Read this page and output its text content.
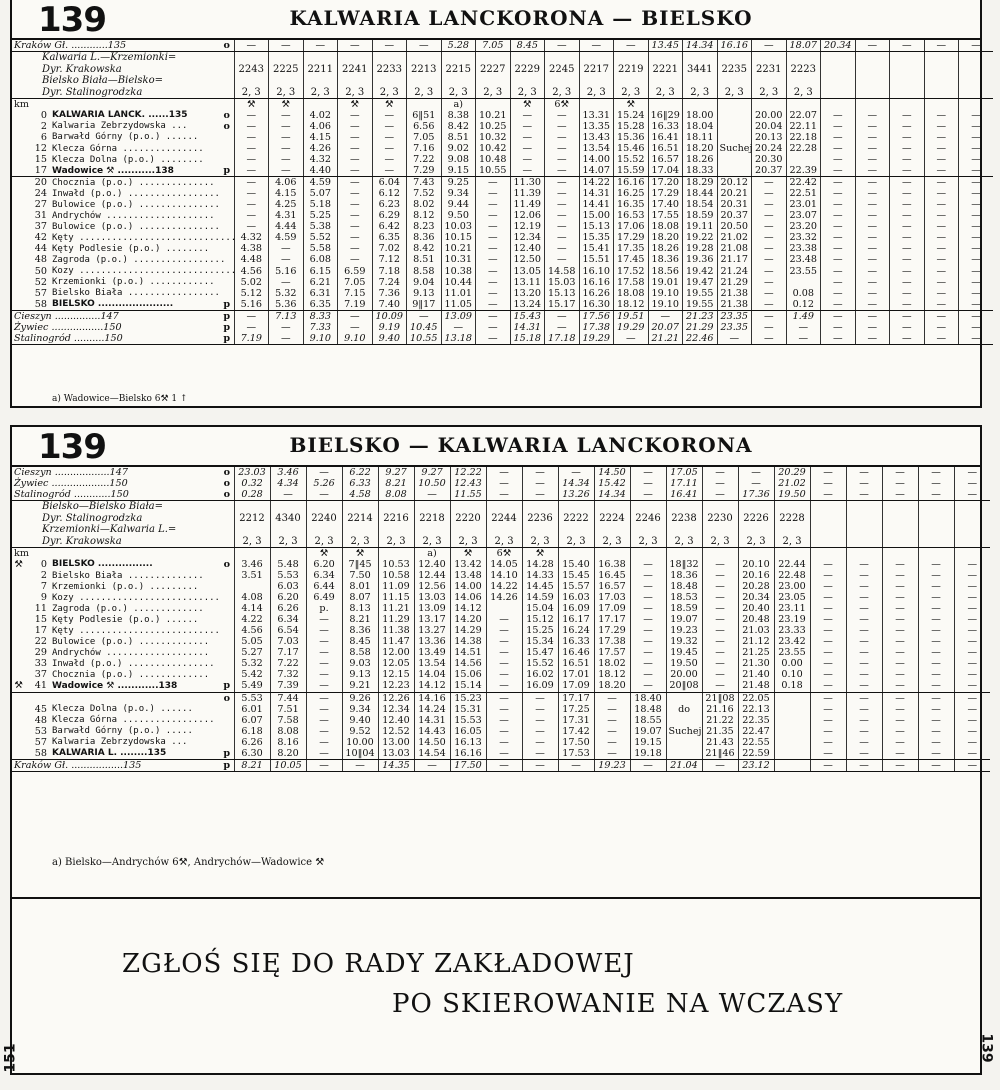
139	KALWARIA LANCKORONA — BIELSKO
Kraków Gł. ............135			o	—	—	—	—	—	—	5.28	7.05	8.45	—	—	—	13.45	14.34	16.16	—	18.07	20.34	—	—	—	—
Kalwaria L.—Krzemionki=																									
Dyr. Krakowska				2243	2225	2211	2241	2233	2213	2215	2227	2229	2245	2217	2219	2221	3441	2235	2231	2223					
Bielsko Biała—Bielsko=																									
Dyr. Stalinogrodzka				2, 3	2, 3	2, 3	2, 3	2, 3	2, 3	2, 3	2, 3	2, 3	2, 3	2, 3	2, 3	2, 3	2, 3	2, 3	2, 3	2, 3					
km				⚒	⚒		⚒	⚒		a)		⚒	6⚒		⚒										
	0	KALWARIA LANCK. ......135	o	—	—	4.02	—	—	6‖51	8.38	10.21	—	—	13.31	15.24	16‖29	18.00		20.00	22.07	—	—	—	—	—
	2	Kalwaria Zebrzydowska ...	o	—	—	4.06	—	—	6.56	8.42	10.25	—	—	13.35	15.28	16.33	18.04		20.04	22.11	—	—	—	—	—
	6	Barwałd Górny (p.o.) ......		—	—	4.15	—	—	7.05	8.51	10.32	—	—	13.43	15.36	16.41	18.11		20.13	22.18	—	—	—	—	—
	12	Klecza Górna ...............		—	—	4.26	—	—	7.16	9.02	10.42	—	—	13.54	15.46	16.51	18.20	Suchej	20.24	22.28	—	—	—	—	—
	15	Klecza Dolna (p.o.) ........		—	—	4.32	—	—	7.22	9.08	10.48	—	—	14.00	15.52	16.57	18.26		20.30		—	—	—	—	—
	17	Wadowice ⚒ ...........138	p	—	—	4.40	—	—	7.29	9.15	10.55	—	—	14.07	15.59	17.04	18.33		20.37	22.39	—	—	—	—	—
	20	Chocznia (p.o.) ..............		—	4.06	4.59	—	6.04	7.43	9.25	—	11.30	—	14.22	16.16	17.20	18.29	20.12	—	22.42	—	—	—	—	—
	24	Inwałd (p.o.) .................		—	4.15	5.07	—	6.12	7.52	9.34	—	11.39	—	14.31	16.25	17.29	18.44	20.21	—	22.51	—	—	—	—	—
	27	Bulowice (p.o.) ...............		—	4.25	5.18	—	6.23	8.02	9.44	—	11.49	—	14.41	16.35	17.40	18.54	20.31	—	23.01	—	—	—	—	—
	31	Andrychów ....................		—	4.31	5.25	—	6.29	8.12	9.50	—	12.06	—	15.00	16.53	17.55	18.59	20.37	—	23.07	—	—	—	—	—
	37	Bulowice (p.o.) ...............		—	4.44	5.38	—	6.42	8.23	10.03	—	12.19	—	15.13	17.06	18.08	19.11	20.50	—	23.20	—	—	—	—	—
	42	Kęty .............................		4.32	4.59	5.52	—	6.35	8.36	10.15	—	12.34	—	15.35	17.29	18.20	19.22	21.02	—	23.32	—	—	—	—	—
	44	Kęty Podlesie (p.o.) ........		4.38	—	5.58	—	7.02	8.42	10.21	—	12.40	—	15.41	17.35	18.26	19.28	21.08	—	23.38	—	—	—	—	—
	48	Zagroda (p.o.) .................		4.48	—	6.08	—	7.12	8.51	10.31	—	12.50	—	15.51	17.45	18.36	19.36	21.17	—	23.48	—	—	—	—	—
	50	Kozy .............................		4.56	5.16	6.15	6.59	7.18	8.58	10.38	—	13.05	14.58	16.10	17.52	18.56	19.42	21.24	—	23.55	—	—	—	—	—
	52	Krzemionki (p.o.) ............		5.02	—	6.21	7.05	7.24	9.04	10.44	—	13.11	15.03	16.16	17.58	19.01	19.47	21.29	—		—	—	—	—	—
	57	Bielsko Biała .................		5.12	5.32	6.31	7.15	7.36	9.13	11.01	—	13.20	15.13	16.26	18.08	19.10	19.55	21.38	—	0.08	—	—	—	—	—
	58	BIELSKO ......................	p	5.16	5.36	6.35	7.19	7.40	9‖17	11.05	—	13.24	15.17	16.30	18.12	19.10	19.55	21.38	—	0.12	—	—	—	—	—
Cieszyn ...............147			p	—	7.13	8.33	—	10.09	—	13.09	—	15.43	—	17.56	19.51	—	21.23	23.35	—	1.49	—	—	—	—	—
Żywiec .................150			p	—	—	7.33	—	9.19	10.45	—	—	14.31	—	17.38	19.29	20.07	21.29	23.35	—	—	—	—	—	—	—
Stalinogród ..........150			p	7.19	—	9.10	9.10	9.40	10.55	13.18	—	15.18	17.18	19.29	—	21.21	22.46	—	—	—	—	—	—	—	—
a) Wadowice—Bielsko 6⚒ 1 ↑
139	BIELSKO — KALWARIA LANCKORONA
Cieszyn ..................147			o	23.03	3.46	—	6.22	9.27	9.27	12.22	—	—	—	14.50	—	17.05	—	—	20.29	—	—	—	—	—
Żywiec ...................150			o	0.32	4.34	5.26	6.33	8.21	10.50	12.43	—	—	14.34	15.42	—	17.11	—	—	21.02	—	—	—	—	—
Stalinogród ............150			o	0.28	—	—	4.58	8.08	—	11.55	—	—	13.26	14.34	—	16.41	—	17.36	19.50	—	—	—	—	—
Bielsko—Bielsko Biała=																								
Dyr. Stalinogrodzka				2212	4340	2240	2214	2216	2218	2220	2244	2236	2222	2224	2246	2238	2230	2226	2228					
Krzemionki—Kalwaria L.=																								
Dyr. Krakowska				2, 3	2, 3	2, 3	2, 3	2, 3	2, 3	2, 3	2, 3	2, 3	2, 3	2, 3	2, 3	2, 3	2, 3	2, 3	2, 3					
km						⚒	⚒		a)	⚒	6⚒	⚒												
⚒	0	BIELSKO ................	o	3.46	5.48	6.20	7‖45	10.53	12.40	13.42	14.05	14.28	15.40	16.38	—	18‖32	—	20.10	22.44	—	—	—	—	—
	2	Bielsko Biała ..............		3.51	5.53	6.34	7.50	10.58	12.44	13.48	14.10	14.33	15.45	16.45	—	18.36	—	20.16	22.48	—	—	—	—	—
	7	Krzemionki (p.o.) .........			6.03	6.44	8.01	11.09	12.56	14.00	14.22	14.45	15.57	16.57	—	18.48	—	20.28	23.00	—	—	—	—	—
	9	Kozy ..........................		4.08	6.20	6.49	8.07	11.15	13.03	14.06	14.26	14.59	16.03	17.03	—	18.53	—	20.34	23.05	—	—	—	—	—
	11	Zagroda (p.o.) .............		4.14	6.26	p.	8.13	11.21	13.09	14.12		15.04	16.09	17.09	—	18.59	—	20.40	23.11	—	—	—	—	—
	15	Kęty Podlesie (p.o.) ......		4.22	6.34	—	8.21	11.29	13.17	14.20	—	15.12	16.17	17.17	—	19.07	—	20.48	23.19	—	—	—	—	—
	17	Kęty ..........................		4.56	6.54	—	8.36	11.38	13.27	14.29	—	15.25	16.24	17.29	—	19.23	—	21.03	23.33	—	—	—	—	—
	22	Bulowice (p.o.) .............		5.05	7.03	—	8.45	11.47	13.36	14.38	—	15.34	16.33	17.38	—	19.32	—	21.12	23.42	—	—	—	—	—
	29	Andrychów ...................		5.27	7.17	—	8.58	12.00	13.49	14.51	—	15.47	16.46	17.57	—	19.45	—	21.25	23.55	—	—	—	—	—
	33	Inwałd (p.o.) ................		5.32	7.22	—	9.03	12.05	13.54	14.56	—	15.52	16.51	18.02	—	19.50	—	21.30	0.00	—	—	—	—	—
	37	Chocznia (p.o.) .............		5.42	7.32	—	9.13	12.15	14.04	15.06	—	16.02	17.01	18.12	—	20.00	—	21.40	0.10	—	—	—	—	—
⚒	41	Wadowice ⚒ ............138	p	5.49	7.39	—	9.21	12.23	14.12	15.14	—	16.09	17.09	18.20	—	20‖08	—	21.48	0.18	—	—	—	—	—
			o	5.53	7.44	—	9.26	12.26	14.16	15.23	—	—	17.17	—	18.40		21‖08	22.05		—	—	—	—	—
	45	Klecza Dolna (p.o.) ......		6.01	7.51	—	9.34	12.34	14.24	15.31	—	—	17.25	—	18.48	do	21.16	22.13		—	—	—	—	—
	48	Klecza Górna .................		6.07	7.58	—	9.40	12.40	14.31	15.53	—	—	17.31	—	18.55		21.22	22.35		—	—	—	—	—
	53	Barwałd Górny (p.o.) .....		6.18	8.08	—	9.52	12.52	14.43	16.05	—	—	17.42	—	19.07	Suchej	21.35	22.47		—	—	—	—	—
	57	Kalwaria Zebrzydowska ...		6.26	8.16	—	10.00	13.00	14.50	16.13	—	—	17.50	—	19.15		21.43	22.55		—	—	—	—	—
	58	KALWARIA L. ........135	p	6.30	8.20	—	10‖04	13.03	14.54	16.16	—	—	17.53	—	19.18		21‖46	22.59		—	—	—	—	—
Kraków Gł. .................135			p	8.21	10.05	—	—	14.35	—	17.50	—	—	—	19.23	—	21.04	—	23.12		—	—	—	—	—
a) Bielsko—Andrychów 6⚒, Andrychów—Wadowice ⚒
ZGŁOŚ SIĘ DO RADY ZAKŁADOWEJ
PO SKIEROWANIE NA WCZASY
151	139
